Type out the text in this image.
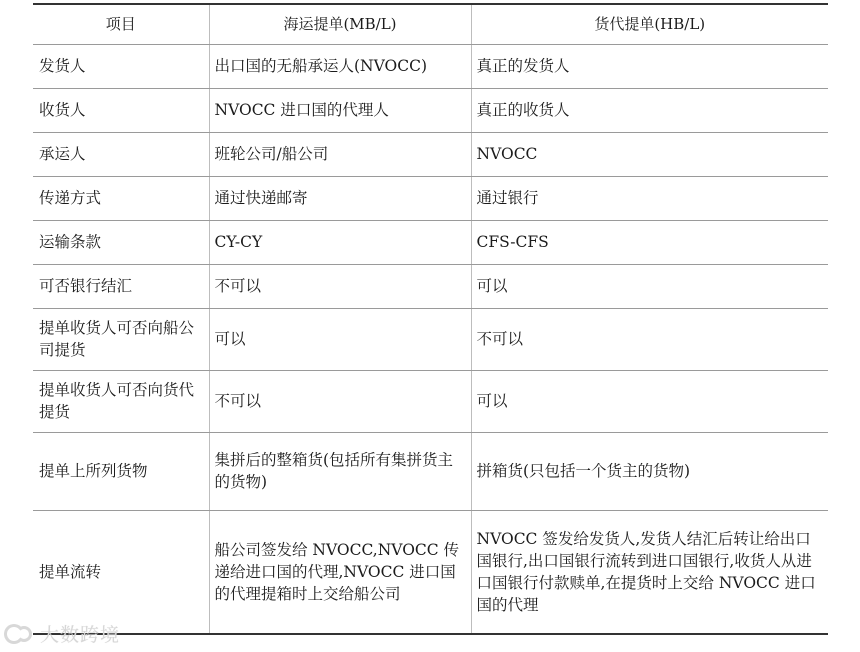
项目	海运提单(MB/L)	货代提单(HB/L)
发货人	出口国的无船承运人(NVOCC)	真正的发货人
收货人	NVOCC 进口国的代理人	真正的收货人
承运人	班轮公司/船公司	NVOCC
传递方式	通过快递邮寄	通过银行
运输条款	CY-CY	CFS-CFS
可否银行结汇	不可以	可以
提单收货人可否向船公司提货	可以	不可以
提单收货人可否向货代提货	不可以	可以
提单上所列货物	集拼后的整箱货(包括所有集拼货主的货物)	拼箱货(只包括一个货主的货物)
提单流转	船公司签发给 NVOCC,NVOCC 传递给进口国的代理,NVOCC 进口国的代理提箱时上交给船公司	NVOCC 签发给发货人,发货人结汇后转让给出口国银行,出口国银行流转到进口国银行,收货人从进口国银行付款赎单,在提货时上交给 NVOCC 进口国的代理
大数跨境
